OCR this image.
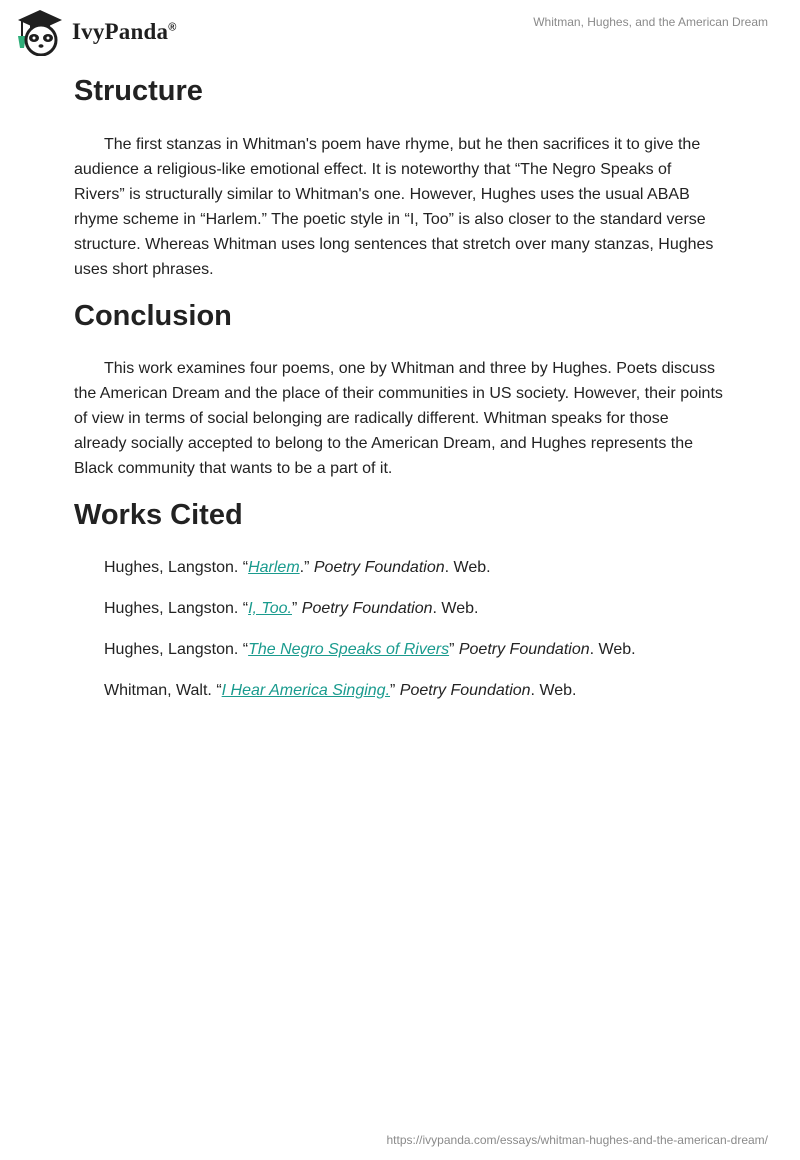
IvyPanda®	Whitman, Hughes, and the American Dream
Structure

The first stanzas in Whitman's poem have rhyme, but he then sacrifices it to give the audience a religious-like emotional effect. It is noteworthy that “The Negro Speaks of Rivers” is structurally similar to Whitman's one. However, Hughes uses the usual ABAB rhyme scheme in “Harlem.” The poetic style in “I, Too” is also closer to the standard verse structure. Whereas Whitman uses long sentences that stretch over many stanzas, Hughes uses short phrases.

Conclusion

This work examines four poems, one by Whitman and three by Hughes. Poets discuss the American Dream and the place of their communities in US society. However, their points of view in terms of social belonging are radically different. Whitman speaks for those already socially accepted to belong to the American Dream, and Hughes represents the Black community that wants to be a part of it.

Works Cited

Hughes, Langston. “Harlem.” Poetry Foundation. Web.

Hughes, Langston. “I, Too.” Poetry Foundation. Web.

Hughes, Langston. “The Negro Speaks of Rivers” Poetry Foundation. Web.

Whitman, Walt. “I Hear America Singing.” Poetry Foundation. Web.

https://ivypanda.com/essays/whitman-hughes-and-the-american-dream/
